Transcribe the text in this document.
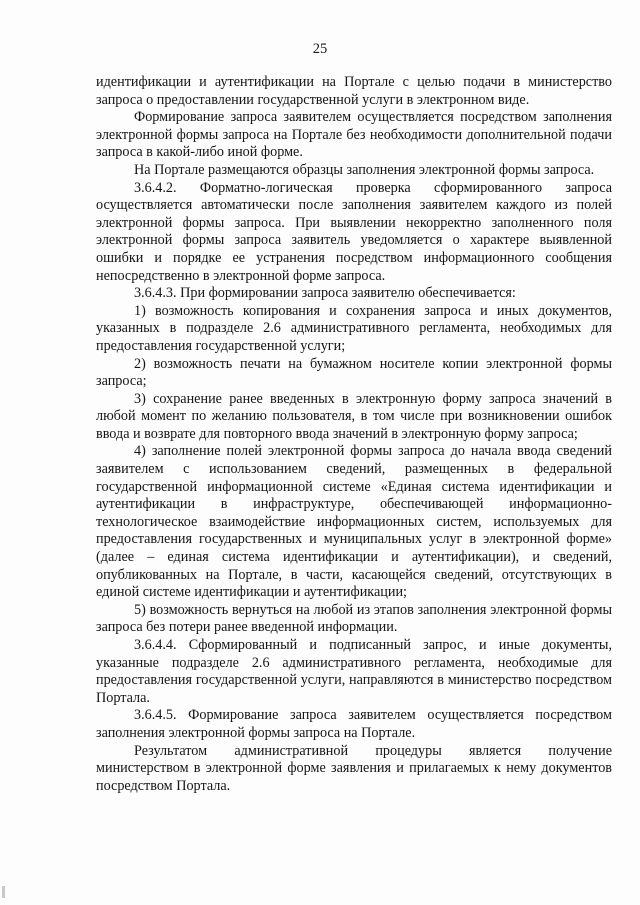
25

идентификации и аутентификации на Портале с целью подачи в министерство запроса о предоставлении государственной услуги в электронном виде.

Формирование запроса заявителем осуществляется посредством заполнения электронной формы запроса на Портале без необходимости дополнительной подачи запроса в какой-либо иной форме.

На Портале размещаются образцы заполнения электронной формы запроса.

3.6.4.2. Форматно-логическая проверка сформированного запроса осуществляется автоматически после заполнения заявителем каждого из полей электронной формы запроса. При выявлении некорректно заполненного поля электронной формы запроса заявитель уведомляется о характере выявленной ошибки и порядке ее устранения посредством информационного сообщения непосредственно в электронной форме запроса.

3.6.4.3. При формировании запроса заявителю обеспечивается:

1) возможность копирования и сохранения запроса и иных документов, указанных в подразделе 2.6 административного регламента, необходимых для предоставления государственной услуги;

2) возможность печати на бумажном носителе копии электронной формы запроса;

3) сохранение ранее введенных в электронную форму запроса значений в любой момент по желанию пользователя, в том числе при возникновении ошибок ввода и возврате для повторного ввода значений в электронную форму запроса;

4) заполнение полей электронной формы запроса до начала ввода сведений заявителем с использованием сведений, размещенных в федеральной государственной информационной системе «Единая система идентификации и аутентификации в инфраструктуре, обеспечивающей информационно-технологическое взаимодействие информационных систем, используемых для предоставления государственных и муниципальных услуг в электронной форме» (далее – единая система идентификации и аутентификации), и сведений, опубликованных на Портале, в части, касающейся сведений, отсутствующих в единой системе идентификации и аутентификации;

5) возможность вернуться на любой из этапов заполнения электронной формы запроса без потери ранее введенной информации.

3.6.4.4. Сформированный и подписанный запрос, и иные документы, указанные подразделе 2.6 административного регламента, необходимые для предоставления государственной услуги, направляются в министерство посредством Портала.

3.6.4.5. Формирование запроса заявителем осуществляется посредством заполнения электронной формы запроса на Портале.

Результатом административной процедуры является получение министерством в электронной форме заявления и прилагаемых к нему документов посредством Портала.
